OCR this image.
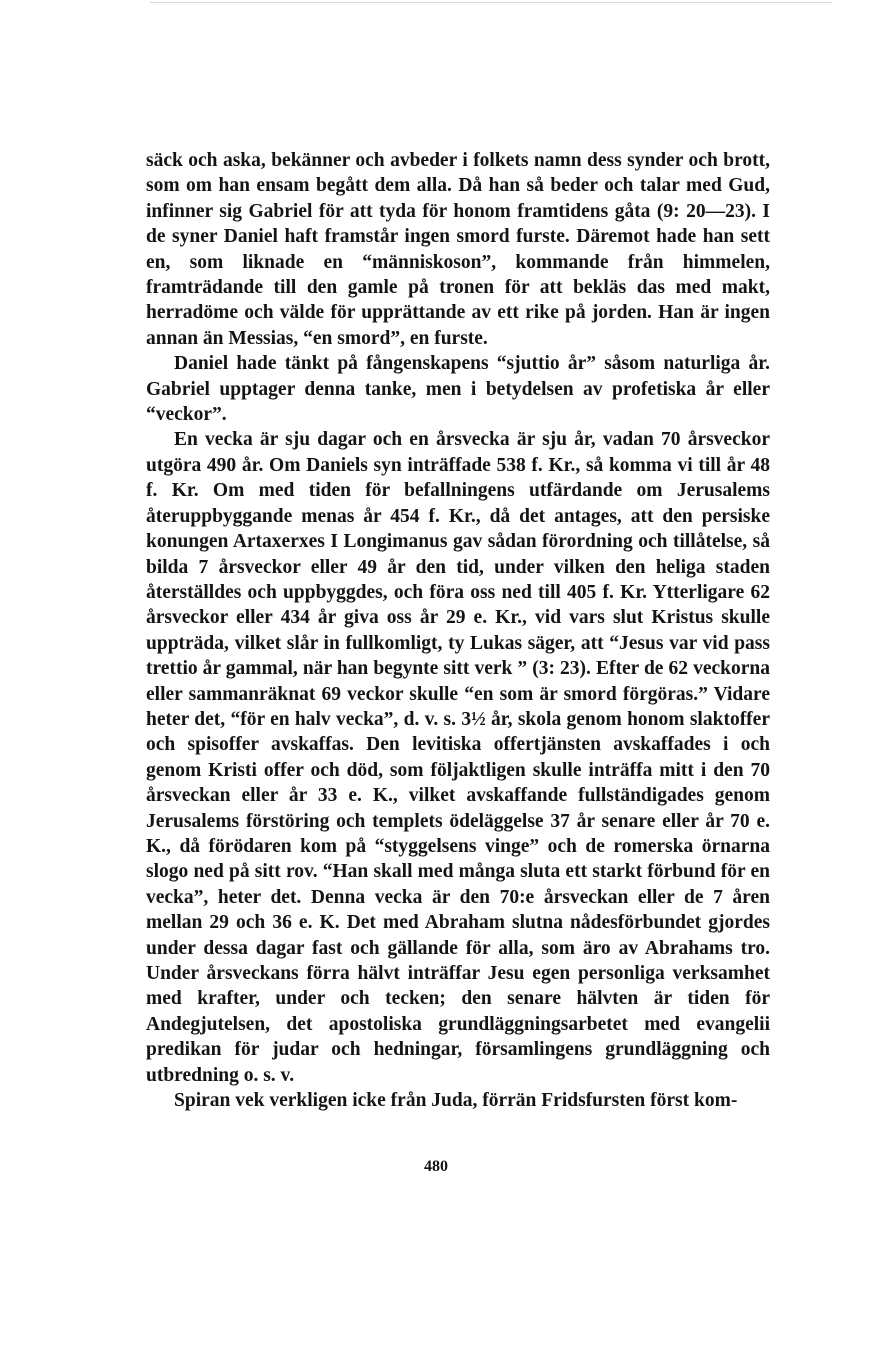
säck och aska, bekänner och avbeder i folkets namn dess synder och brott, som om han ensam begått dem alla. Då han så beder och talar med Gud, infinner sig Gabriel för att tyda för honom framtidens gåta (9: 20—23). I de syner Daniel haft framstår ingen smord furste. Däremot hade han sett en, som liknade en “människoson”, kommande från himmelen, framträdande till den gamle på tronen för att bekläs das med makt, herradöme och välde för upprättande av ett rike på jorden. Han är ingen annan än Messias, “en smord”, en furste.

Daniel hade tänkt på fångenskapens “sjuttio år” såsom naturliga år. Gabriel upptager denna tanke, men i betydelsen av profetiska år eller “veckor”.

En vecka är sju dagar och en årsvecka är sju år, vadan 70 årsveckor utgöra 490 år. Om Daniels syn inträffade 538 f. Kr., så komma vi till år 48 f. Kr. Om med tiden för befallningens utfärdande om Jerusalems återuppbyggande menas år 454 f. Kr., då det antages, att den persiske konungen Artaxerxes I Longimanus gav sådan förordning och tillåtelse, så bilda 7 årsveckor eller 49 år den tid, under vilken den heliga staden återställdes och uppbyggdes, och föra oss ned till 405 f. Kr. Ytterligare 62 årsveckor eller 434 år giva oss år 29 e. Kr., vid vars slut Kristus skulle uppträda, vilket slår in fullkomligt, ty Lukas säger, att “Jesus var vid pass trettio år gammal, när han begynte sitt verk ” (3: 23). Efter de 62 veckorna eller sammanräknat 69 veckor skulle “en som är smord förgöras.” Vidare heter det, “för en halv vecka”, d. v. s. 3½ år, skola genom honom slaktoffer och spisoffer avskaffas. Den levitiska offertjänsten avskaffades i och genom Kristi offer och död, som följaktligen skulle inträffa mitt i den 70 årsveckan eller år 33 e. K., vilket avskaffande fullständigades genom Jerusalems förstöring och templets ödeläggelse 37 år senare eller år 70 e. K., då förödaren kom på “styggelsens vinge” och de romerska örnarna slogo ned på sitt rov. “Han skall med många sluta ett starkt förbund för en vecka”, heter det. Denna vecka är den 70:e årsveckan eller de 7 åren mellan 29 och 36 e. K. Det med Abraham slutna nådesförbundet gjordes under dessa dagar fast och gällande för alla, som äro av Abrahams tro. Under årsveckans förra hälvt inträffar Jesu egen personliga verksamhet med krafter, under och tecken; den senare hälvten är tiden för Andegjutelsen, det apostoliska grundläggningsarbetet med evangelii predikan för judar och hedningar, församlingens grundläggning och utbredning o. s. v.

Spiran vek verkligen icke från Juda, förrän Fridsfursten först kom-

480
